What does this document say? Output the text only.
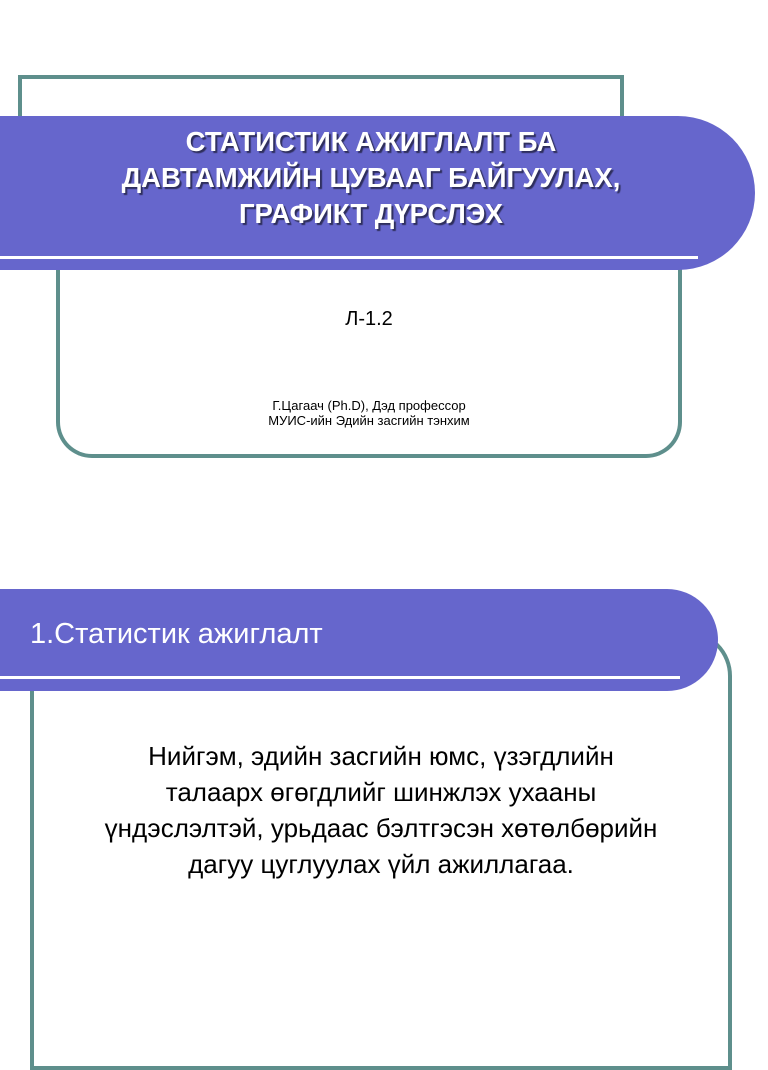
СТАТИСТИК АЖИГЛАЛТ БА
ДАВТАМЖИЙН ЦУВААГ БАЙГУУЛАХ,
ГРАФИКТ ДҮРСЛЭХ
Л-1.2
Г.Цагаач (Ph.D), Дэд профессор
МУИС-ийн Эдийн засгийн тэнхим
1.Статистик ажиглалт
Нийгэм, эдийн засгийн юмс, үзэгдлийн
талаарх өгөгдлийг шинжлэх ухааны
үндэслэлтэй, урьдаас бэлтгэсэн хөтөлбөрийн
дагуу цуглуулах үйл ажиллагаа.
